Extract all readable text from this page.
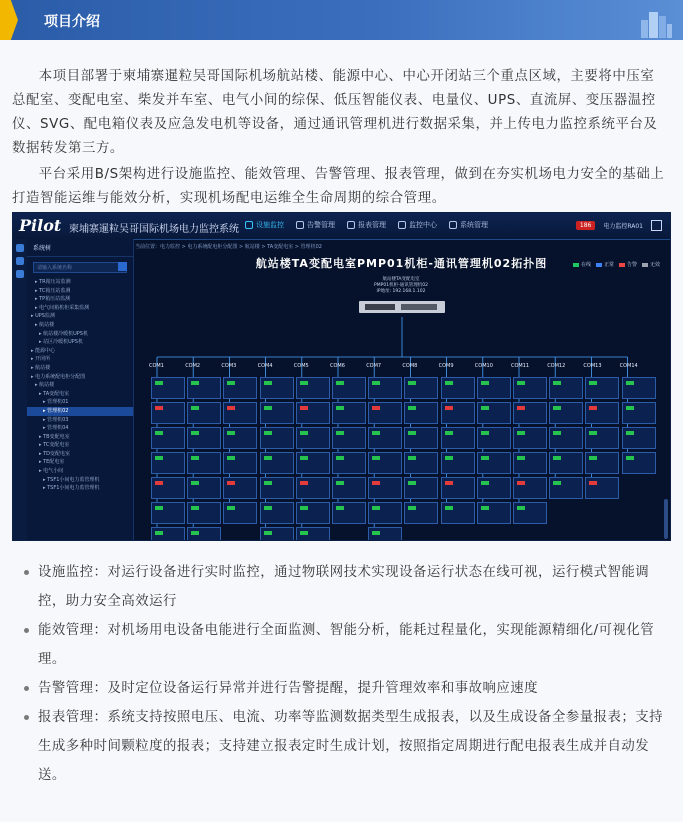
项目介绍

本项目部署于柬埔寨暹粒吴哥国际机场航站楼、能源中心、中心开闭站三个重点区域，主要将中压室总配室、变配电室、柴发并车室、电气小间的综保、低压智能仪表、电量仪、UPS、直流屏、变压器温控仪、SVG、配电箱仪表及应急发电机等设备，通过通讯管理机进行数据采集，并上传电力监控系统平台及数据转发第三方。

平台采用B/S架构进行设施监控、能效管理、告警管理、报表管理，做到在夯实机场电力安全的基础上打造智能运维与能效分析，实现机场配电运维全生命周期的综合管理。

Pilot 柬埔寨暹粒吴哥国际机场电力监控系统 设施监控	告警管理	报表管理	监控中心	系统管理	186	电力监控RA01
系统树
请输入系统名称
▸ TR箱压站监测
▸ TC箱压站监测
▸ TP箱压站监测
▸ 电气间箱机柜采集监测
▸ UPS监测
▸ 航站楼
▸ 航站楼冷暖机UPS机
▸ 站区冷暖机UPS机
▸ 能源中心
▸ 开闭所
▸ 航站楼
▸ 电力系统配电柜分配图
▸ 航站楼
▸ TA变配电室
▸ 管理机01
▸ 管理机02
▸ 管理机03
▸ 管理机04
▸ TB变配电室
▸ TC变配电室
▸ TD变配电室
▸ TE配电室
▸ 电气小间
▸ TSF1小间电力监管理机
▸ TSF1小间电力监管理机
当前位置：电力监控 > 电力系统配电柜分配图 > 航站楼 > TA变配电室 > 管理机02
航站楼TA变配电室PMP01机柜-通讯管理机02拓扑图	在线	正常	告警	无效
航站楼TA变配电室
PMP01机柜-通讯管理机02
IP地址: 192.168.1.102
COM1	COM2	COM3	COM4	COM5	COM6	COM7	COM8	COM9	COM10	COM11	COM12	COM13	COM14
设施监控：对运行设备进行实时监控，通过物联网技术实现设备运行状态在线可视，运行模式智能调控，助力安全高效运行
能效管理：对机场用电设备电能进行全面监测、智能分析，能耗过程量化，实现能源精细化/可视化管理。
告警管理：及时定位设备运行异常并进行告警提醒，提升管理效率和事故响应速度
报表管理：系统支持按照电压、电流、功率等监测数据类型生成报表，以及生成设备全参量报表；支持生成多种时间颗粒度的报表；支持建立报表定时生成计划，按照指定周期进行配电报表生成并自动发送。
